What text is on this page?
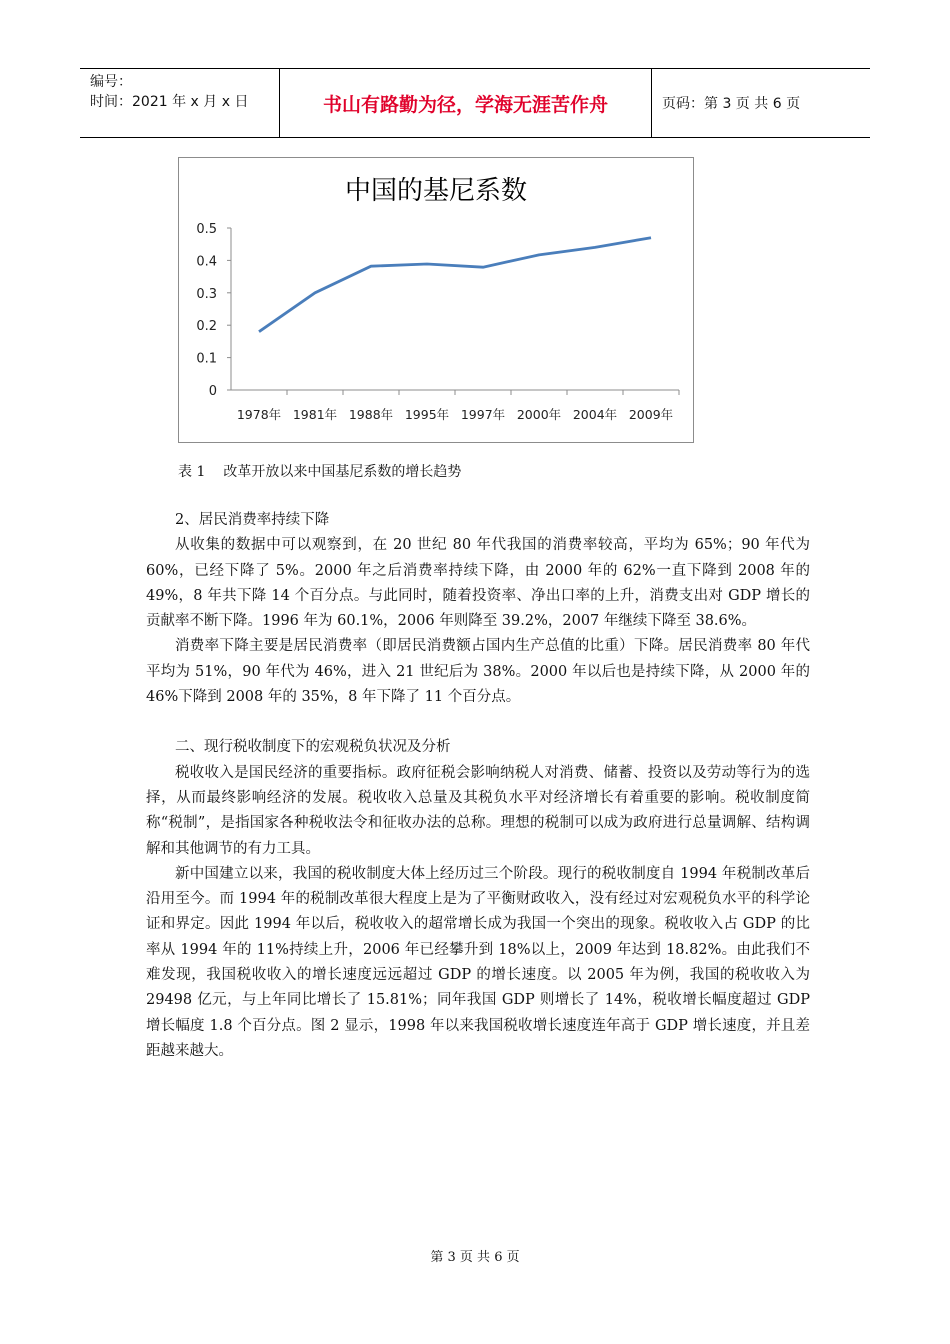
编号：
时间：2021 年 x 月 x 日	书山有路勤为径，学海无涯苦作舟	页码：第 3 页 共 6 页
中国的基尼系数
0
0.1
0.2
0.3
0.4
0.5
1978年 1981年 1988年 1995年 1997年 2000年 2004年 2009年
表 1 改革开放以来中国基尼系数的增长趋势

2、居民消费率持续下降

从收集的数据中可以观察到，在 20 世纪 80 年代我国的消费率较高，平均为 65%；90 年代为 60%，已经下降了 5%。2000 年之后消费率持续下降，由 2000 年的 62%一直下降到 2008 年的 49%，8 年共下降 14 个百分点。与此同时，随着投资率、净出口率的上升，消费支出对 GDP 增长的贡献率不断下降。1996 年为 60.1%，2006 年则降至 39.2%，2007 年继续下降至 38.6%。

消费率下降主要是居民消费率（即居民消费额占国内生产总值的比重）下降。居民消费率 80 年代平均为 51%，90 年代为 46%，进入 21 世纪后为 38%。2000 年以后也是持续下降，从 2000 年的 46%下降到 2008 年的 35%，8 年下降了 11 个百分点。

二、现行税收制度下的宏观税负状况及分析

税收收入是国民经济的重要指标。政府征税会影响纳税人对消费、储蓄、投资以及劳动等行为的选择，从而最终影响经济的发展。税收收入总量及其税负水平对经济增长有着重要的影响。税收制度简称“税制”，是指国家各种税收法令和征收办法的总称。理想的税制可以成为政府进行总量调解、结构调解和其他调节的有力工具。

新中国建立以来，我国的税收制度大体上经历过三个阶段。现行的税收制度自 1994 年税制改革后沿用至今。而 1994 年的税制改革很大程度上是为了平衡财政收入，没有经过对宏观税负水平的科学论证和界定。因此 1994 年以后，税收收入的超常增长成为我国一个突出的现象。税收收入占 GDP 的比率从 1994 年的 11%持续上升，2006 年已经攀升到 18%以上，2009 年达到 18.82%。由此我们不难发现，我国税收收入的增长速度远远超过 GDP 的增长速度。以 2005 年为例，我国的税收收入为 29498 亿元，与上年同比增长了 15.81%；同年我国 GDP 则增长了 14%，税收增长幅度超过 GDP 增长幅度 1.8 个百分点。图 2 显示，1998 年以来我国税收增长速度连年高于 GDP 增长速度，并且差距越来越大。

第 3 页 共 6 页
